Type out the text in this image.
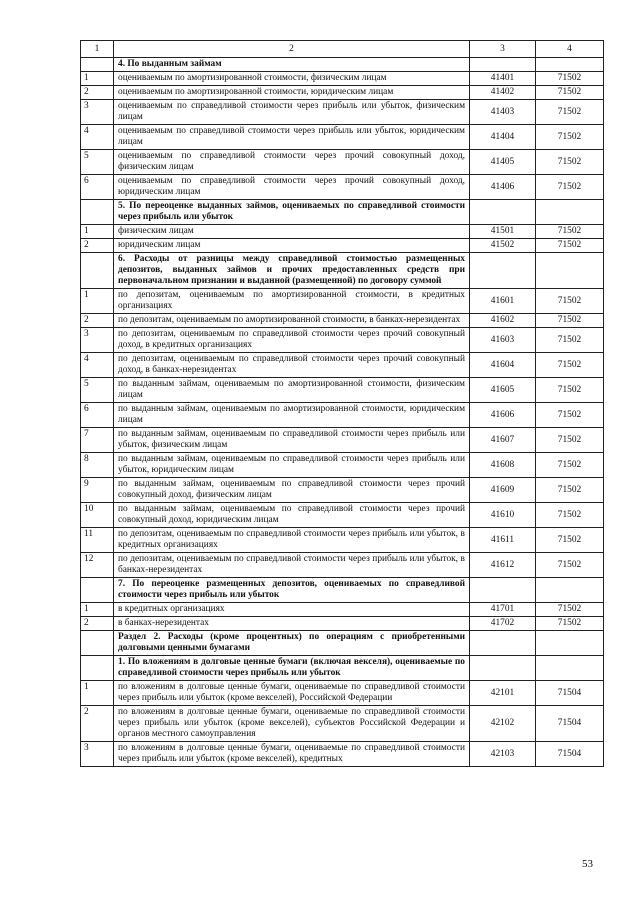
1	2	3	4
	4. По выданным займам		
1	оцениваемым по амортизированной стоимости, физическим лицам	41401	71502
2	оцениваемым по амортизированной стоимости, юридическим лицам	41402	71502
3	оцениваемым по справедливой стоимости через прибыль или убыток, физическим лицам	41403	71502
4	оцениваемым по справедливой стоимости через прибыль или убыток, юридическим лицам	41404	71502
5	оцениваемым по справедливой стоимости через прочий совокупный доход, физическим лицам	41405	71502
6	оцениваемым по справедливой стоимости через прочий совокупный доход, юридическим лицам	41406	71502
	5. По переоценке выданных займов, оцениваемых по справедливой стоимости через прибыль или убыток		
1	физическим лицам	41501	71502
2	юридическим лицам	41502	71502
	6. Расходы от разницы между справедливой стоимостью размещенных депозитов, выданных займов и прочих предоставленных средств при первоначальном признании и выданной (размещенной) по договору суммой		
1	по депозитам, оцениваемым по амортизированной стоимости, в кредитных организациях	41601	71502
2	по депозитам, оцениваемым по амортизированной стоимости, в банках-нерезидентах	41602	71502
3	по депозитам, оцениваемым по справедливой стоимости через прочий совокупный доход, в кредитных организациях	41603	71502
4	по депозитам, оцениваемым по справедливой стоимости через прочий совокупный доход, в банках-нерезидентах	41604	71502
5	по выданным займам, оцениваемым по амортизированной стоимости, физическим лицам	41605	71502
6	по выданным займам, оцениваемым по амортизированной стоимости, юридическим лицам	41606	71502
7	по выданным займам, оцениваемым по справедливой стоимости через прибыль или убыток, физическим лицам	41607	71502
8	по выданным займам, оцениваемым по справедливой стоимости через прибыль или убыток, юридическим лицам	41608	71502
9	по выданным займам, оцениваемым по справедливой стоимости через прочий совокупный доход, физическим лицам	41609	71502
10	по выданным займам, оцениваемым по справедливой стоимости через прочий совокупный доход, юридическим лицам	41610	71502
11	по депозитам, оцениваемым по справедливой стоимости через прибыль или убыток, в кредитных организациях	41611	71502
12	по депозитам, оцениваемым по справедливой стоимости через прибыль или убыток, в банках-нерезидентах	41612	71502
	7. По переоценке размещенных депозитов, оцениваемых по справедливой стоимости через прибыль или убыток		
1	в кредитных организациях	41701	71502
2	в банках-нерезидентах	41702	71502
	Раздел 2. Расходы (кроме процентных) по операциям с приобретенными долговыми ценными бумагами		
	1. По вложениям в долговые ценные бумаги (включая векселя), оцениваемые по справедливой стоимости через прибыль или убыток		
1	по вложениям в долговые ценные бумаги, оцениваемые по справедливой стоимости через прибыль или убыток (кроме векселей), Российской Федерации	42101	71504
2	по вложениям в долговые ценные бумаги, оцениваемые по справедливой стоимости через прибыль или убыток (кроме векселей), субъектов Российской Федерации и органов местного самоуправления	42102	71504
3	по вложениям в долговые ценные бумаги, оцениваемые по справедливой стоимости через прибыль или убыток (кроме векселей), кредитных	42103	71504
53
